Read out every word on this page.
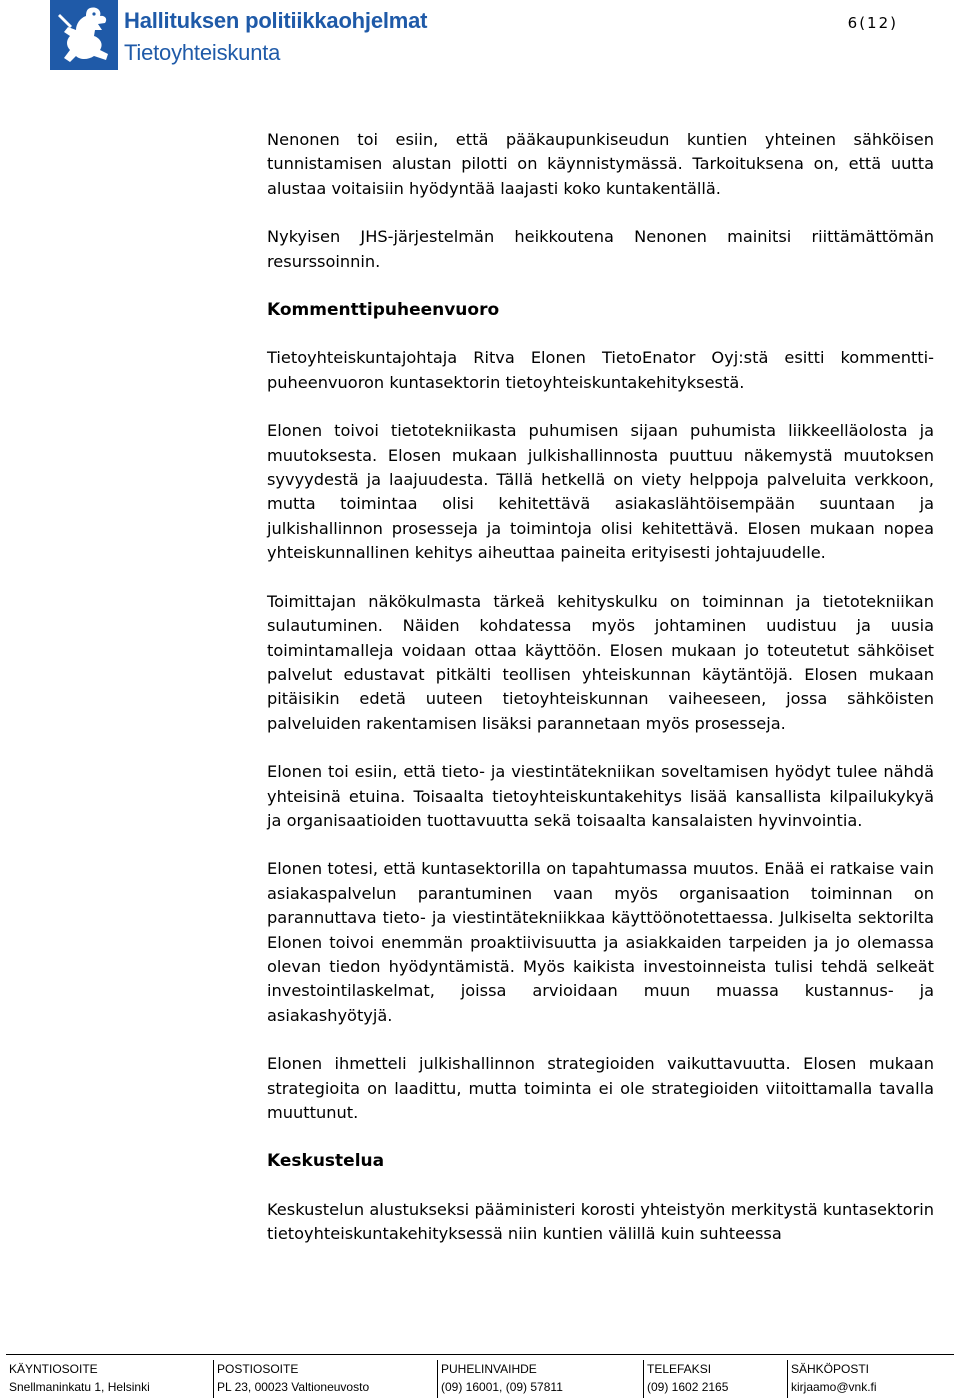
Hallituksen politiikkaohjelmat
Tietoyhteiskunta
6(12)

Nenonen toi esiin, että pääkaupunkiseudun kuntien yhteinen sähköisen tunnistamisen alustan pilotti on käynnistymässä. Tarkoituksena on, että uutta alustaa voitaisiin hyödyntää laajasti koko kuntakentällä.

Nykyisen JHS-järjestelmän heikkoutena Nenonen mainitsi riittämättömän resurssoinnin.

Kommenttipuheenvuoro

Tietoyhteiskuntajohtaja Ritva Elonen TietoEnator Oyj:stä esitti kommenttipuheenvuoron kuntasektorin tietoyhteiskuntakehityksestä.

Elonen toivoi tietotekniikasta puhumisen sijaan puhumista liikkeelläolosta ja muutoksesta. Elosen mukaan julkishallinnosta puuttuu näkemystä muutoksen syvyydestä ja laajuudesta. Tällä hetkellä on viety helppoja palveluita verkkoon, mutta toimintaa olisi kehitettävä asiakaslähtöisempään suuntaan ja julkishallinnon prosesseja ja toimintoja olisi kehitettävä. Elosen mukaan nopea yhteiskunnallinen kehitys aiheuttaa paineita erityisesti johtajuudelle.

Toimittajan näkökulmasta tärkeä kehityskulku on toiminnan ja tietotekniikan sulautuminen. Näiden kohdatessa myös johtaminen uudistuu ja uusia toimintamalleja voidaan ottaa käyttöön. Elosen mukaan jo toteutetut sähköiset palvelut edustavat pitkälti teollisen yhteiskunnan käytäntöjä. Elosen mukaan pitäisikin edetä uuteen tietoyhteiskunnan vaiheeseen, jossa sähköisten palveluiden rakentamisen lisäksi parannetaan myös prosesseja.

Elonen toi esiin, että tieto- ja viestintätekniikan soveltamisen hyödyt tulee nähdä yhteisinä etuina. Toisaalta tietoyhteiskuntakehitys lisää kansallista kilpailukykyä ja organisaatioiden tuottavuutta sekä toisaalta kansalaisten hyvinvointia.

Elonen totesi, että kuntasektorilla on tapahtumassa muutos. Enää ei ratkaise vain asiakaspalvelun parantuminen vaan myös organisaation toiminnan on parannuttava tieto- ja viestintätekniikkaa käyttöönotettaessa. Julkiselta sektorilta Elonen toivoi enemmän proaktiivisuutta ja asiakkaiden tarpeiden ja jo olemassa olevan tiedon hyödyntämistä. Myös kaikista investoinneista tulisi tehdä selkeät investointilaskelmat, joissa arvioidaan muun muassa kustannus- ja asiakashyötyjä.

Elonen ihmetteli julkishallinnon strategioiden vaikuttavuutta. Elosen mukaan strategioita on laadittu, mutta toiminta ei ole strategioiden viitoittamalla tavalla muuttunut.

Keskustelua

Keskustelun alustukseksi pääministeri korosti yhteistyön merkitystä kuntasektorin tietoyhteiskuntakehityksessä niin kuntien välillä kuin suhteessa

KÄYNTIOSOITE
Snellmaninkatu 1, Helsinki
POSTIOSOITE
PL 23, 00023 Valtioneuvosto
PUHELINVAIHDE
(09) 16001, (09) 57811
TELEFAKSI
(09) 1602 2165
SÄHKÖPOSTI
kirjaamo@vnk.fi
